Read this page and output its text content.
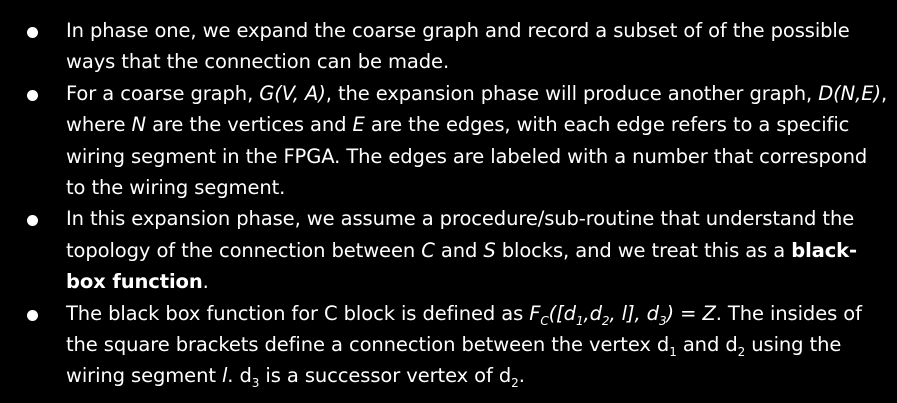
In phase one, we expand the coarse graph and record a subset of of the possible ways that the connection can be made.
For a coarse graph, G(V, A), the expansion phase will produce another graph, D(N,E), where N are the vertices and E are the edges, with each edge refers to a specific wiring segment in the FPGA. The edges are labeled with a number that correspond to the wiring segment.
In this expansion phase, we assume a procedure/sub-routine that understand the topology of the connection between C and S blocks, and we treat this as a black-box function.
The black box function for C block is defined as $F_C([d_1,d_2$, l], $d_3) = Z$. The insides of the square brackets define a connection between the vertex $d_1$ and $d_2$ using the wiring segment l. $d_3$ is a successor vertex of $d_2$.
